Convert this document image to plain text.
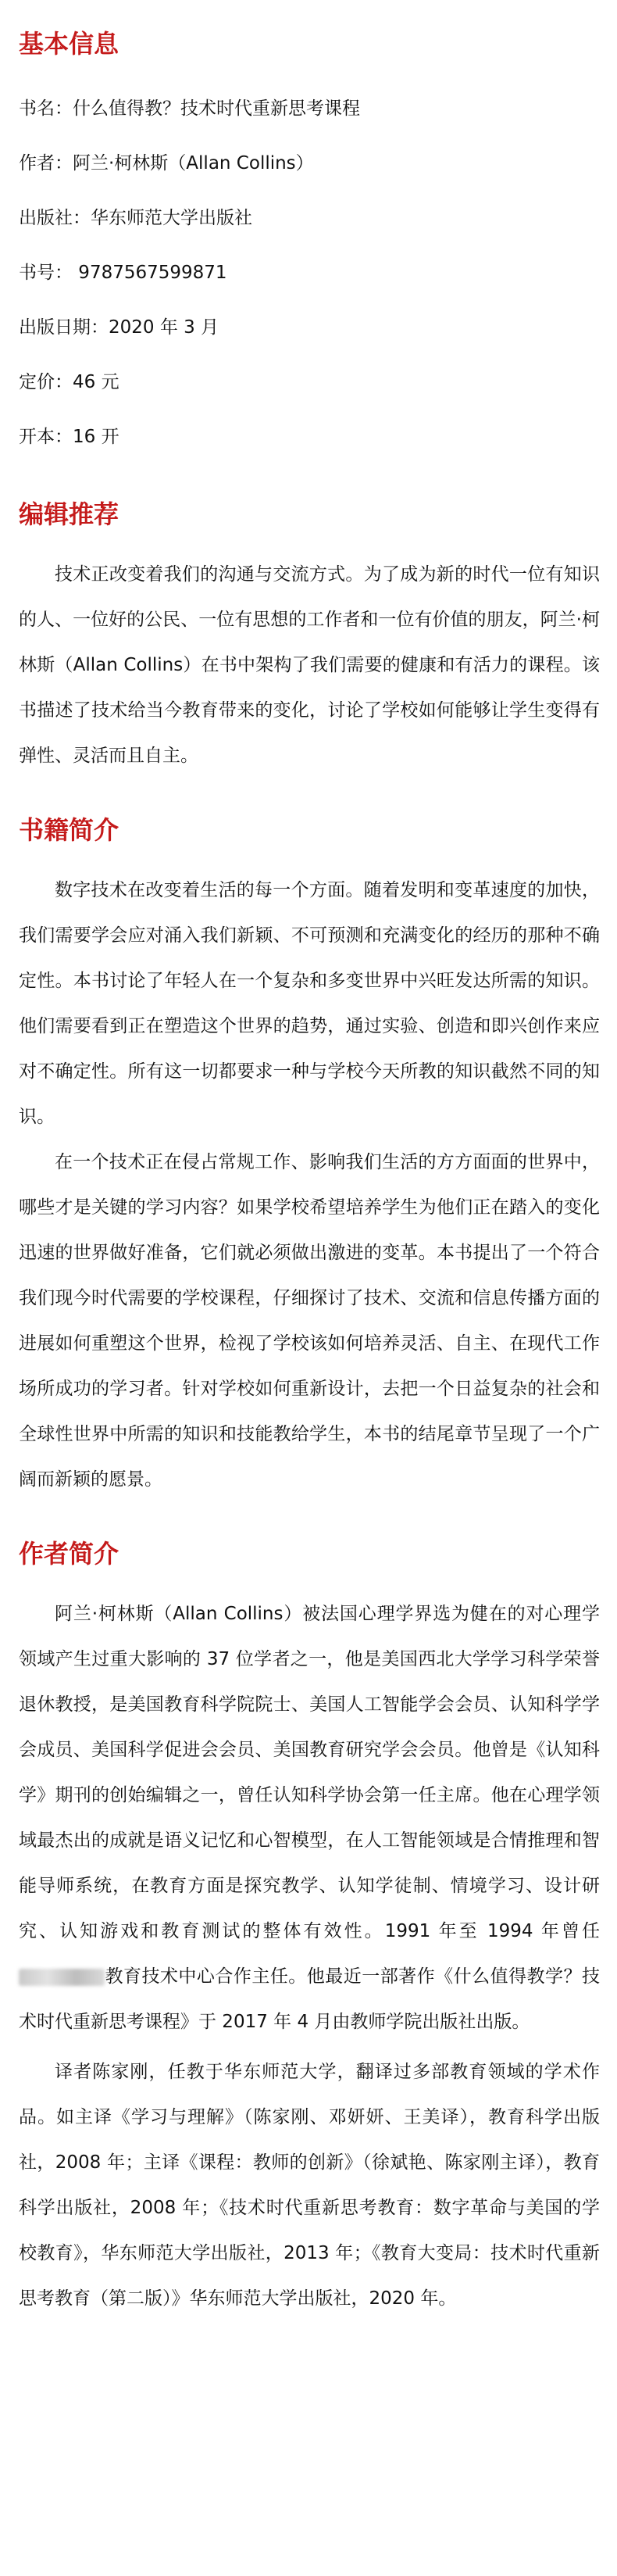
基本信息

书名：什么值得教？技术时代重新思考课程

作者：阿兰·柯林斯（Allan Collins）

出版社：华东师范大学出版社

书号： 9787567599871

出版日期：2020 年 3 月

定价：46 元

开本：16 开

编辑推荐

技术正改变着我们的沟通与交流方式。为了成为新的时代一位有知识的人、一位好的公民、一位有思想的工作者和一位有价值的朋友，阿兰·柯林斯（Allan Collins）在书中架构了我们需要的健康和有活力的课程。该书描述了技术给当今教育带来的变化，讨论了学校如何能够让学生变得有弹性、灵活而且自主。

书籍简介

数字技术在改变着生活的每一个方面。随着发明和变革速度的加快，我们需要学会应对涌入我们新颖、不可预测和充满变化的经历的那种不确定性。本书讨论了年轻人在一个复杂和多变世界中兴旺发达所需的知识。他们需要看到正在塑造这个世界的趋势，通过实验、创造和即兴创作来应对不确定性。所有这一切都要求一种与学校今天所教的知识截然不同的知识。

在一个技术正在侵占常规工作、影响我们生活的方方面面的世界中，哪些才是关键的学习内容？如果学校希望培养学生为他们正在踏入的变化迅速的世界做好准备，它们就必须做出激进的变革。本书提出了一个符合我们现今时代需要的学校课程，仔细探讨了技术、交流和信息传播方面的进展如何重塑这个世界，检视了学校该如何培养灵活、自主、在现代工作场所成功的学习者。针对学校如何重新设计，去把一个日益复杂的社会和全球性世界中所需的知识和技能教给学生，本书的结尾章节呈现了一个广阔而新颖的愿景。

作者简介

阿兰·柯林斯（Allan Collins）被法国心理学界选为健在的对心理学领域产生过重大影响的 37 位学者之一，他是美国西北大学学习科学荣誉退休教授，是美国教育科学院院士、美国人工智能学会会员、认知科学学会成员、美国科学促进会会员、美国教育研究学会会员。他曾是《认知科学》期刊的创始编辑之一，曾任认知科学协会第一任主席。他在心理学领域最杰出的成就是语义记忆和心智模型，在人工智能领域是合情推理和智能导师系统，在教育方面是探究教学、认知学徒制、情境学习、设计研究、认知游戏和教育测试的整体有效性。1991 年至 1994 年曾任教育技术中心合作主任。他最近一部著作《什么值得教学？技术时代重新思考课程》于 2017 年 4 月由教师学院出版社出版。

译者陈家刚，任教于华东师范大学，翻译过多部教育领域的学术作品。如主译《学习与理解》（陈家刚、邓妍妍、王美译），教育科学出版社，2008 年；主译《课程：教师的创新》（徐斌艳、陈家刚主译），教育科学出版社，2008 年；《技术时代重新思考教育：数字革命与美国的学校教育》，华东师范大学出版社，2013 年；《教育大变局：技术时代重新思考教育（第二版）》华东师范大学出版社，2020 年。
